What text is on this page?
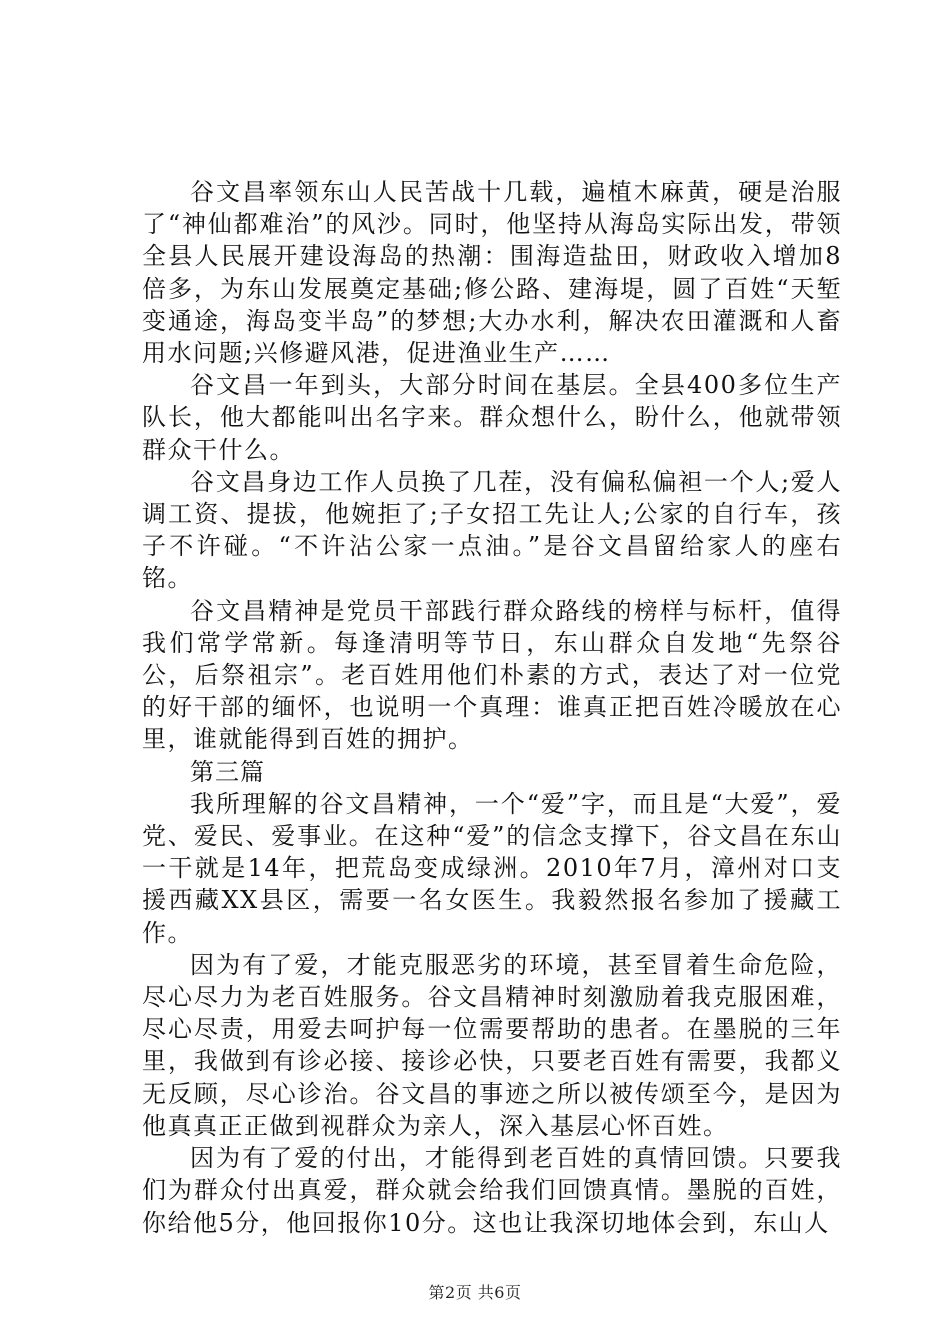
谷文昌率领东山人民苦战十几载，遍植木麻黄，硬是治服了“神仙都难治”的风沙。同时，他坚持从海岛实际出发，带领全县人民展开建设海岛的热潮：围海造盐田，财政收入增加8倍多，为东山发展奠定基础;修公路、建海堤，圆了百姓“天堑变通途，海岛变半岛”的梦想;大办水利，解决农田灌溉和人畜用水问题;兴修避风港，促进渔业生产……

谷文昌一年到头，大部分时间在基层。全县400多位生产队长，他大都能叫出名字来。群众想什么，盼什么，他就带领群众干什么。

谷文昌身边工作人员换了几茬，没有偏私偏袒一个人;爱人调工资、提拔，他婉拒了;子女招工先让人;公家的自行车，孩子不许碰。“不许沾公家一点油。”是谷文昌留给家人的座右铭。

谷文昌精神是党员干部践行群众路线的榜样与标杆，值得我们常学常新。每逢清明等节日，东山群众自发地“先祭谷公，后祭祖宗”。老百姓用他们朴素的方式，表达了对一位党的好干部的缅怀，也说明一个真理：谁真正把百姓冷暖放在心里，谁就能得到百姓的拥护。

第三篇

我所理解的谷文昌精神，一个“爱”字，而且是“大爱”，爱党、爱民、爱事业。在这种“爱”的信念支撑下，谷文昌在东山一干就是14年，把荒岛变成绿洲。2010年7月，漳州对口支援西藏XX县区，需要一名女医生。我毅然报名参加了援藏工作。

因为有了爱，才能克服恶劣的环境，甚至冒着生命危险，尽心尽力为老百姓服务。谷文昌精神时刻激励着我克服困难，尽心尽责，用爱去呵护每一位需要帮助的患者。在墨脱的三年里，我做到有诊必接、接诊必快，只要老百姓有需要，我都义无反顾，尽心诊治。谷文昌的事迹之所以被传颂至今，是因为他真真正正做到视群众为亲人，深入基层心怀百姓。

因为有了爱的付出，才能得到老百姓的真情回馈。只要我们为群众付出真爱，群众就会给我们回馈真情。墨脱的百姓，你给他5分，他回报你10分。这也让我深切地体会到，东山人

第2页 共6页
